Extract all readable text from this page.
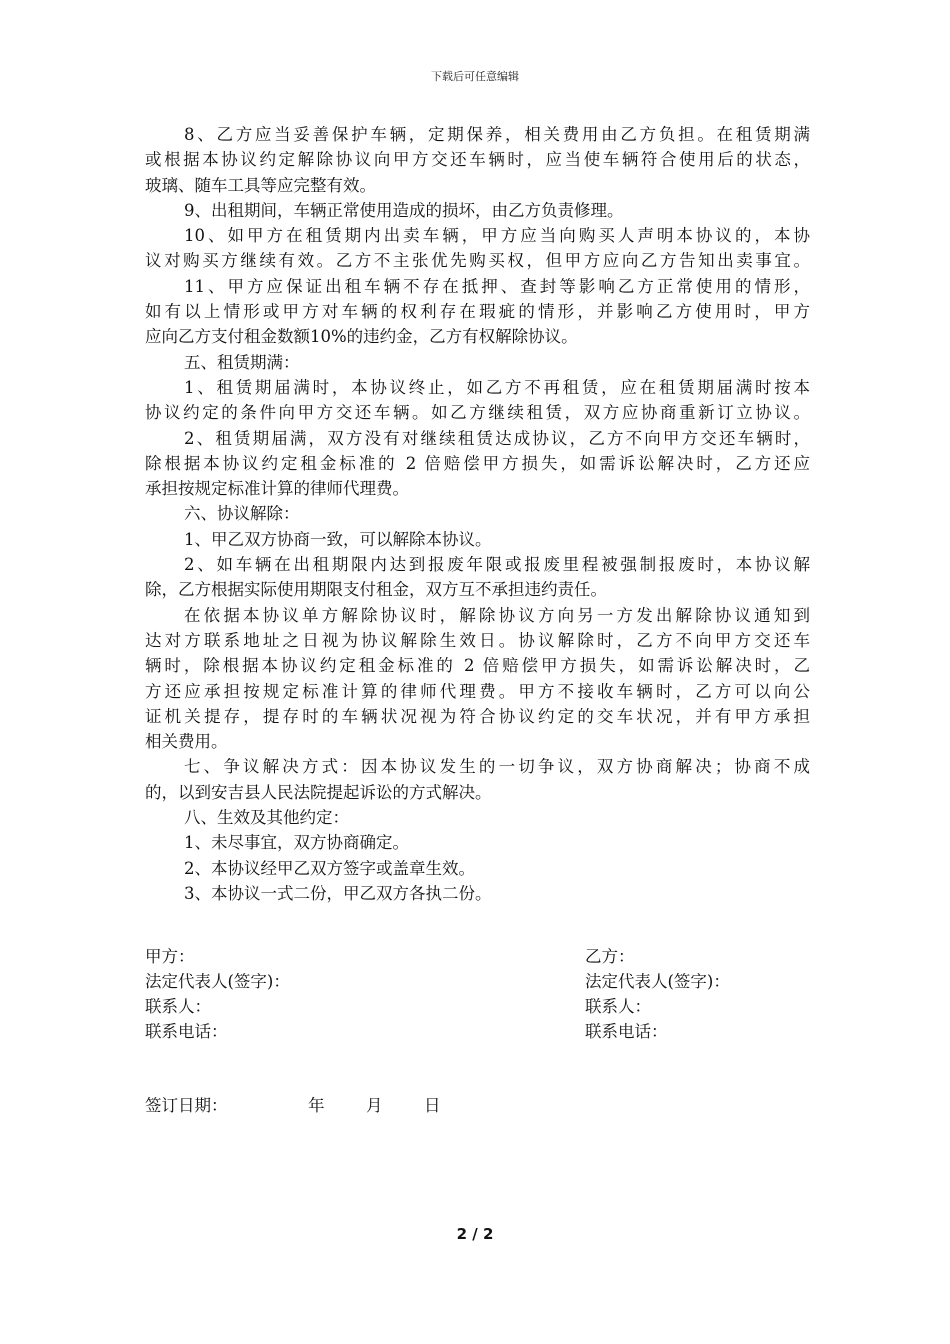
下载后可任意编辑
8、乙方应当妥善保护车辆，定期保养，相关费用由乙方负担。在租赁期满
或根据本协议约定解除协议向甲方交还车辆时，应当使车辆符合使用后的状态，
玻璃、随车工具等应完整有效。
9、出租期间，车辆正常使用造成的损坏，由乙方负责修理。
10、如甲方在租赁期内出卖车辆，甲方应当向购买人声明本协议的，本协
议对购买方继续有效。乙方不主张优先购买权，但甲方应向乙方告知出卖事宜。
11、甲方应保证出租车辆不存在抵押、查封等影响乙方正常使用的情形，
如有以上情形或甲方对车辆的权利存在瑕疵的情形，并影响乙方使用时，甲方
应向乙方支付租金数额10%的违约金，乙方有权解除协议。
五、租赁期满：
1、租赁期届满时，本协议终止，如乙方不再租赁，应在租赁期届满时按本
协议约定的条件向甲方交还车辆。如乙方继续租赁，双方应协商重新订立协议。
2、租赁期届满，双方没有对继续租赁达成协议，乙方不向甲方交还车辆时，
除根据本协议约定租金标准的 2 倍赔偿甲方损失，如需诉讼解决时，乙方还应
承担按规定标准计算的律师代理费。
六、协议解除：
1、甲乙双方协商一致，可以解除本协议。
2、如车辆在出租期限内达到报废年限或报废里程被强制报废时，本协议解
除，乙方根据实际使用期限支付租金，双方互不承担违约责任。
在依据本协议单方解除协议时，解除协议方向另一方发出解除协议通知到
达对方联系地址之日视为协议解除生效日。协议解除时，乙方不向甲方交还车
辆时，除根据本协议约定租金标准的 2 倍赔偿甲方损失，如需诉讼解决时，乙
方还应承担按规定标准计算的律师代理费。甲方不接收车辆时，乙方可以向公
证机关提存，提存时的车辆状况视为符合协议约定的交车状况，并有甲方承担
相关费用。
七、争议解决方式：因本协议发生的一切争议，双方协商解决；协商不成
的，以到安吉县人民法院提起诉讼的方式解决。
八、生效及其他约定：
1、未尽事宜，双方协商确定。
2、本协议经甲乙双方签字或盖章生效。
3、本协议一式二份，甲乙双方各执二份。
甲方：
法定代表人(签字)：
联系人：
联系电话：
乙方：
法定代表人(签字)：
联系人：
联系电话：
签订日期：	年	月	日
2 / 2
